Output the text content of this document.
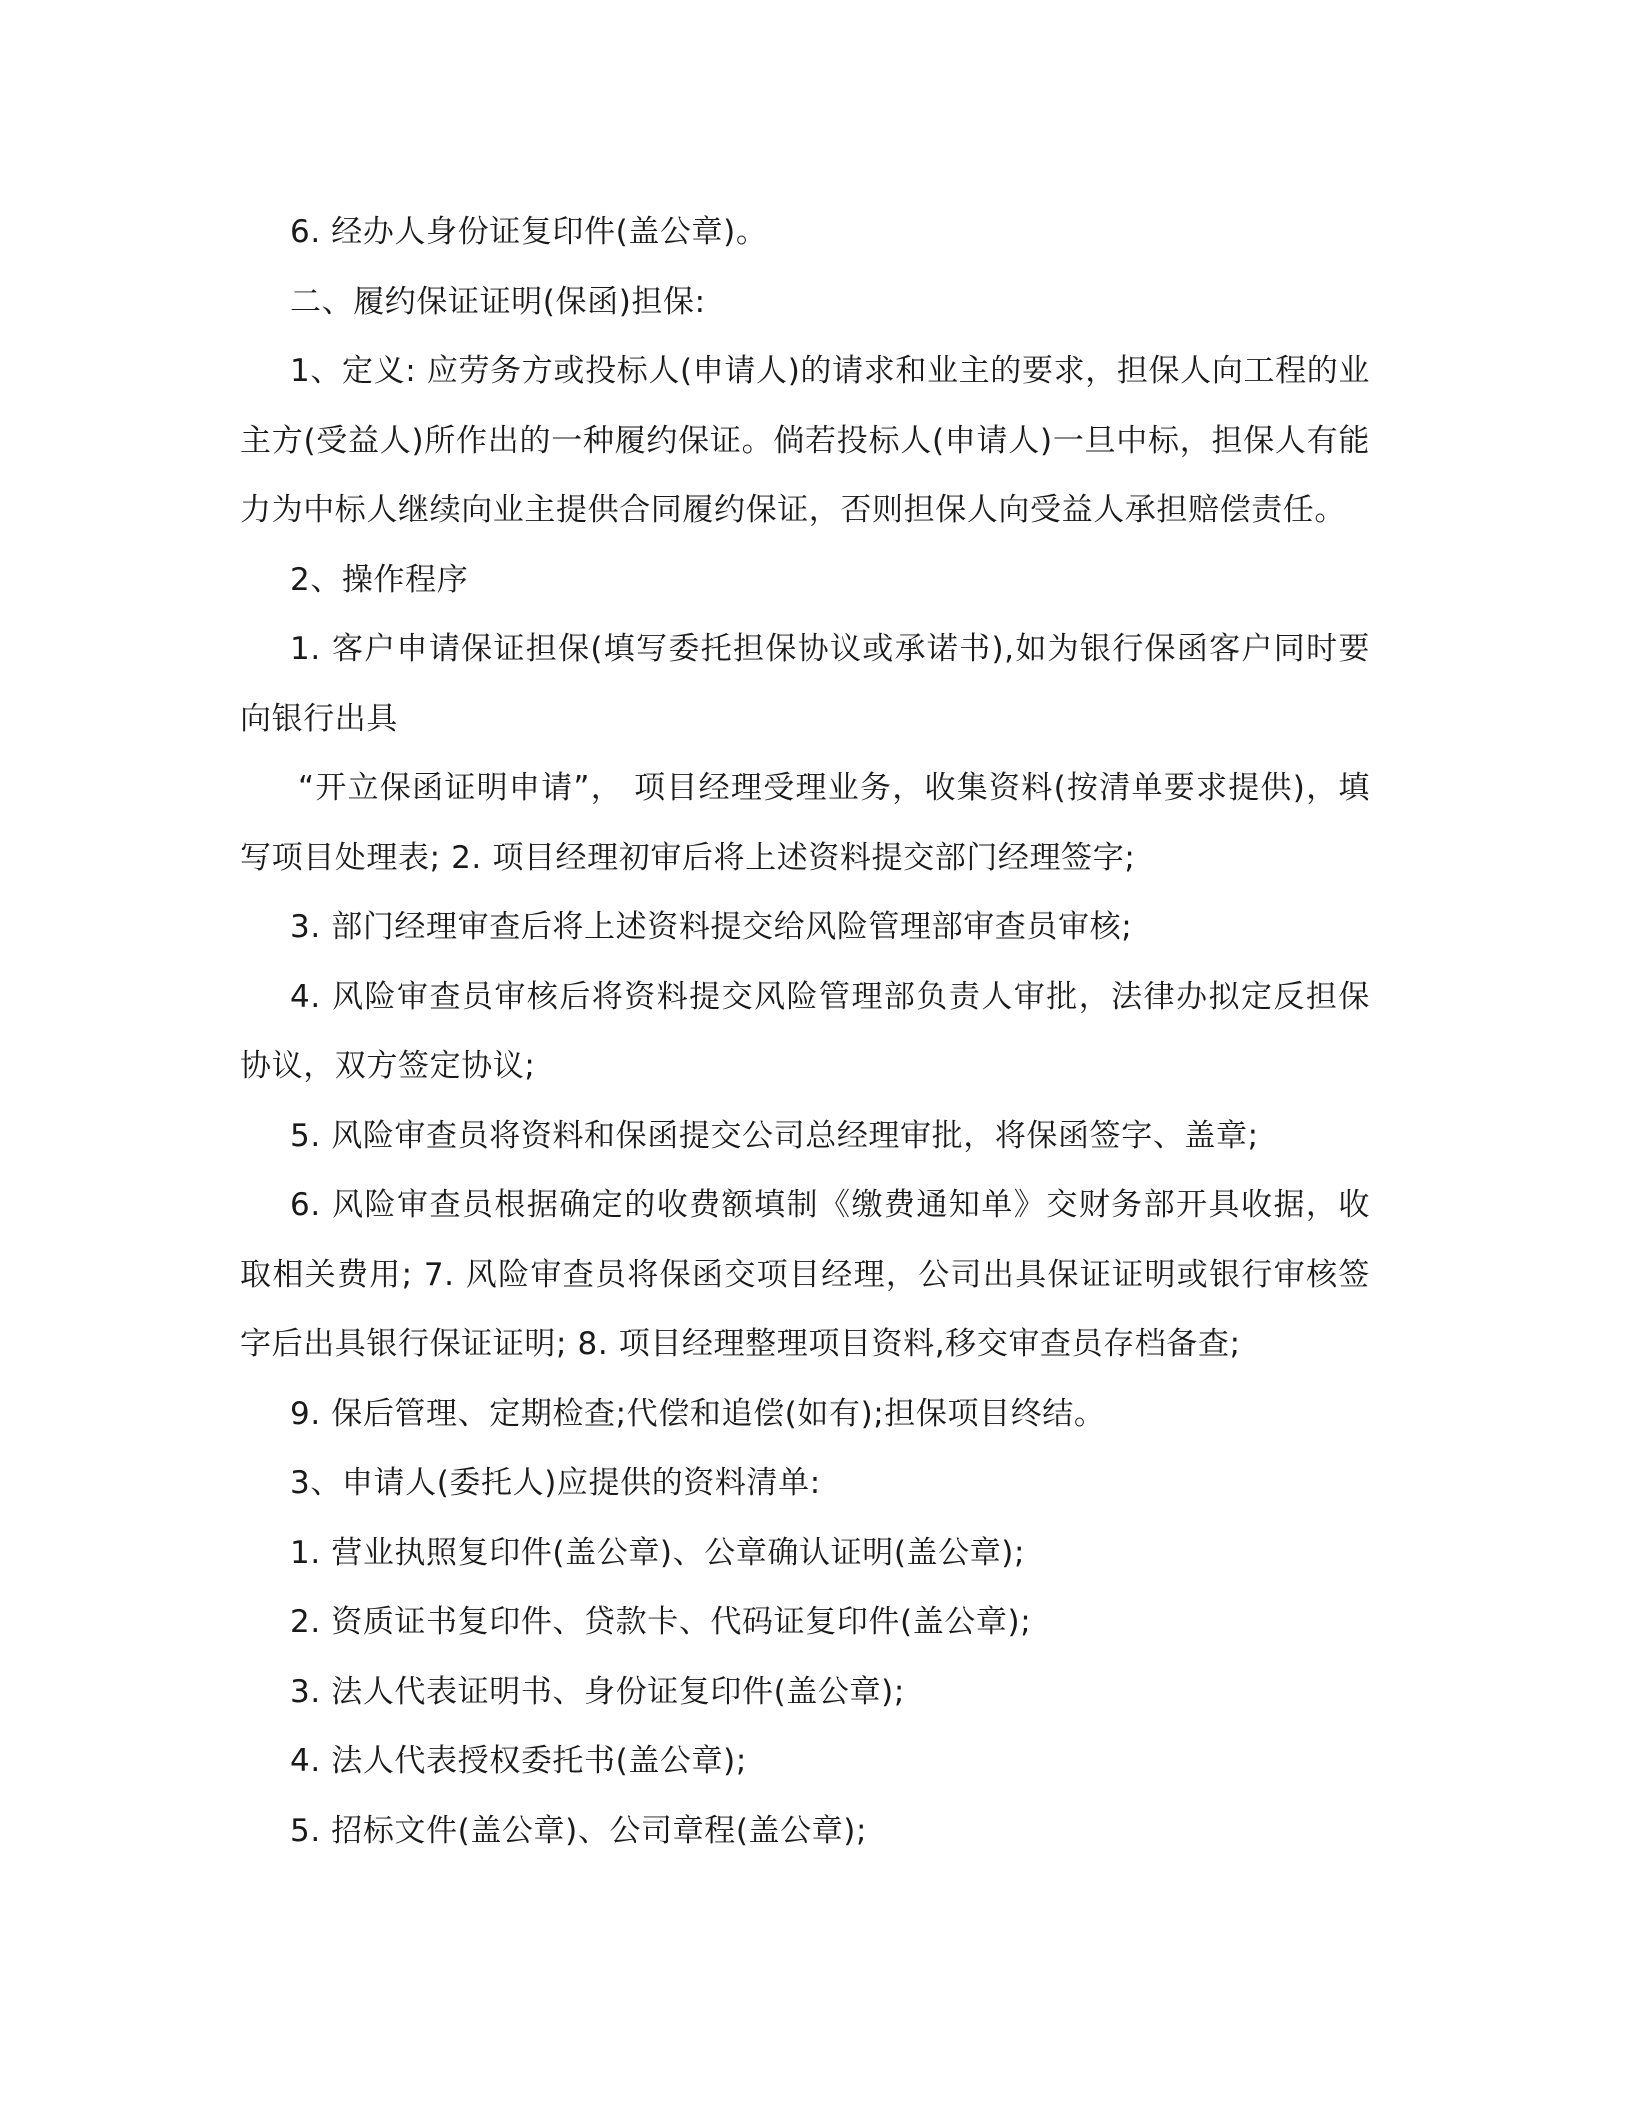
6. 经办人身份证复印件(盖公章)。

二、履约保证证明(保函)担保:

1、定义: 应劳务方或投标人(申请人)的请求和业主的要求，担保人向工程的业主方(受益人)所作出的一种履约保证。倘若投标人(申请人)一旦中标，担保人有能力为中标人继续向业主提供合同履约保证，否则担保人向受益人承担赔偿责任。

2、操作程序

1. 客户申请保证担保(填写委托担保协议或承诺书),如为银行保函客户同时要向银行出具

“开立保函证明申请”， 项目经理受理业务，收集资料(按清单要求提供)，填写项目处理表; 2. 项目经理初审后将上述资料提交部门经理签字;

3. 部门经理审查后将上述资料提交给风险管理部审查员审核;

4. 风险审查员审核后将资料提交风险管理部负责人审批，法律办拟定反担保协议，双方签定协议;

5. 风险审查员将资料和保函提交公司总经理审批，将保函签字、盖章;

6. 风险审查员根据确定的收费额填制《缴费通知单》交财务部开具收据，收取相关费用; 7. 风险审查员将保函交项目经理，公司出具保证证明或银行审核签字后出具银行保证证明; 8. 项目经理整理项目资料,移交审查员存档备查;

9. 保后管理、定期检查;代偿和追偿(如有);担保项目终结。

3、申请人(委托人)应提供的资料清单:

1. 营业执照复印件(盖公章)、公章确认证明(盖公章);

2. 资质证书复印件、贷款卡、代码证复印件(盖公章);

3. 法人代表证明书、身份证复印件(盖公章);

4. 法人代表授权委托书(盖公章);

5. 招标文件(盖公章)、公司章程(盖公章);
